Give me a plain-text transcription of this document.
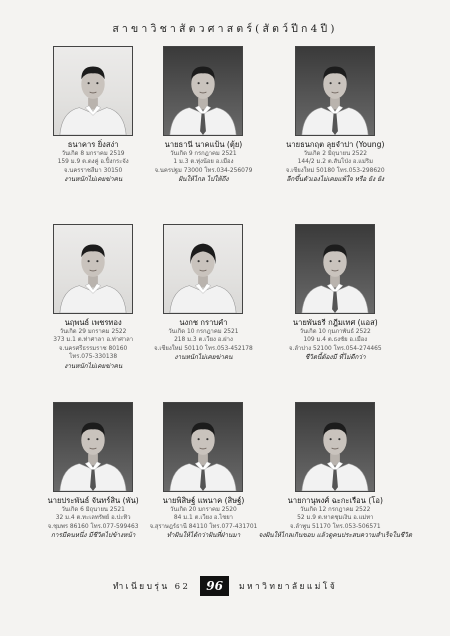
สาขาวิชาสัตวศาสตร์(สัตว์ปีก4ปี)
ธนาคาร ยิ่งสง่า
วันเกิด 8 มกราคม 2519
159 ม.9 ต.ดงคู่ อ.ปิ้งกระจัง
จ.นครราชสีมา 30150
งานหนักไม่เคยฆ่าคน
นายธานี นาคแป้น (ตุ้ย)
วันเกิด 9 กรกฎาคม 2521
1 ม.3 ต.ทุ่งน้อย อ.เมือง
จ.นครปฐม 73000 โทร.034-256079
ฝันให้ไกล ไปให้ถึง
นายธนกฤต ลุยจำปา (Young)
วันเกิด 2 มิถุนายน 2522
144/2 ม.2 ต.สันโป่ง อ.แม่ริม
จ.เชียงใหม่ 50180 โทร.053-298620
ลีกขึ้นตัวเองไม่เคยแพ้ใจ หรือ ยัง ยัง
นฤพนธ์ เพชรทอง
วันเกิด 29 มกราคม 2522
373 ม.1 ต.ท่าศาลา อ.ท่าศาลา
จ.นครศรีธรรมราช 80160
โทร.075-330138
งานหนักไม่เคยฆ่าคน
นงกช กราบคำ
วันเกิด 10 กรกฎาคม 2521
218 ม.3 ต.เวียง อ.ฝาง
จ.เชียงใหม่ 50110 โทร.053-452178
งานหนักไม่เคยฆ่าคน
นายพันธรี กฎีมเทศ (แอส)
วันเกิด 10 กุมภาพันธ์ 2522
109 ม.4 ต.ธงชัย อ.เมือง
จ.ลำปาง 52100 โทร.054-274465
ชีวิตนี้ต้องมี ที่ไม่ดีกว่า
นายประพันธ์ จันทร์สิน (พัน)
วันเกิด 6 มิถุนายน 2521
32 ม.4 ต.ทะเลทรัพย์ อ.ปะทิว
จ.ชุมพร 86160 โทร.077-599463
การมีคนหนึ่ง มีชีวิตไปข้างหน้า
นายพิสิษฐ์ แพนาค (สิษฐ์)
วันเกิด 20 มกราคม 2520
84 ม.1 ต.เวียง อ.ไชยา
จ.สุราษฎร์ธานี 84110 โทร.077-431701
ทำฝันให้ได้กว่าฝันที่ฝ่านมา
นายกานุพงศ์ ฉะกะเรือน (โอ)
วันเกิด 12 กรกฎาคม 2522
52 ม.9 ต.หาดชุมเงิน อ.แม่ทา
จ.ลำพูน 51170 โทร.053-506571
จงฝันให้ไกลเกินขอบ แล้วดูคนประสบความสำเร็จในชีวิต
ทำเนียบรุ่น 62	96	มหาวิทยาลัยแม่โจ้
